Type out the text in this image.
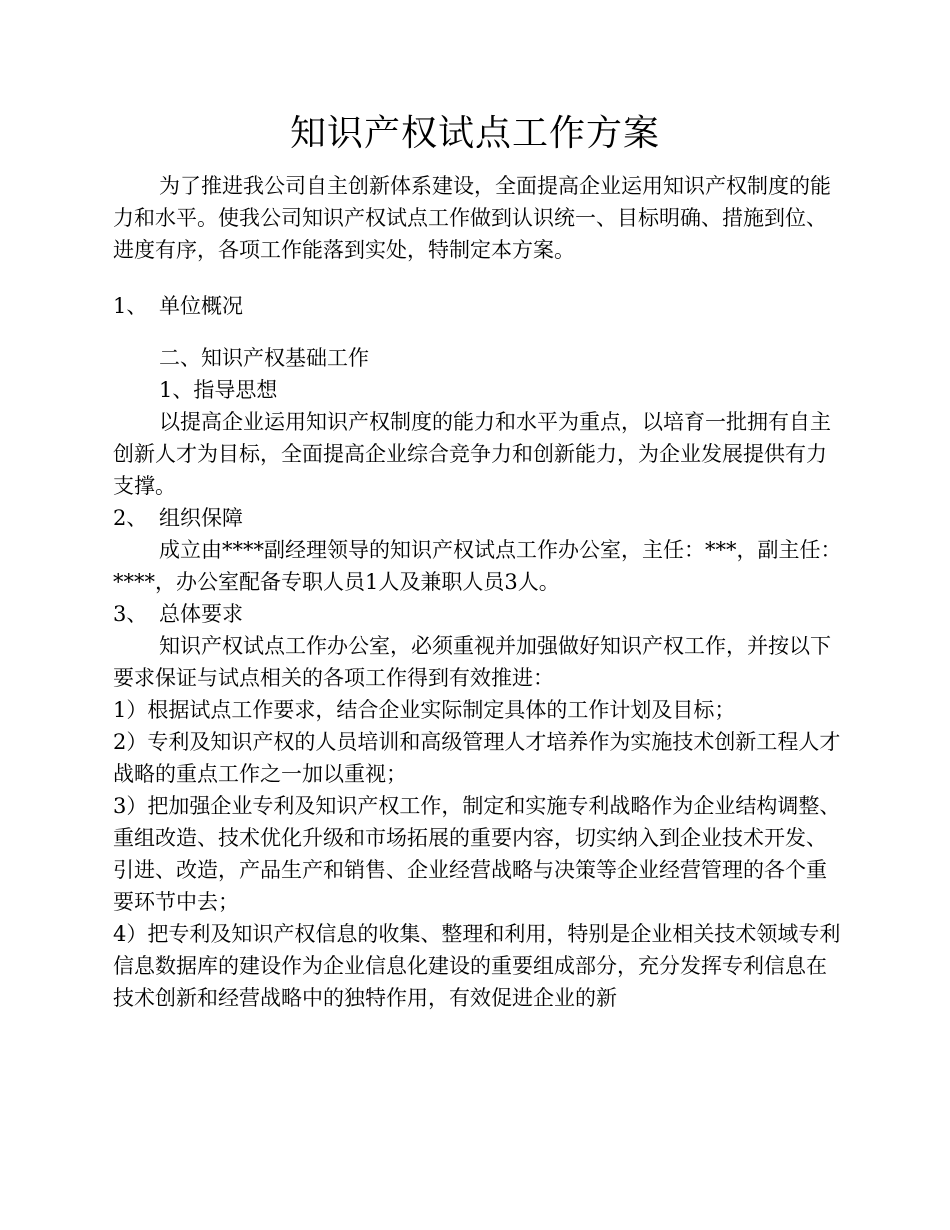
知识产权试点工作方案

为了推进我公司自主创新体系建设，全面提高企业运用知识产权制度的能力和水平。使我公司知识产权试点工作做到认识统一、目标明确、措施到位、进度有序，各项工作能落到实处，特制定本方案。

1、 单位概况

二、知识产权基础工作

1、指导思想

以提高企业运用知识产权制度的能力和水平为重点，以培育一批拥有自主创新人才为目标，全面提高企业综合竞争力和创新能力，为企业发展提供有力支撑。

2、 组织保障

成立由****副经理领导的知识产权试点工作办公室，主任：***，副主任：****，办公室配备专职人员1人及兼职人员3人。

3、 总体要求

知识产权试点工作办公室，必须重视并加强做好知识产权工作，并按以下要求保证与试点相关的各项工作得到有效推进：

1）根据试点工作要求，结合企业实际制定具体的工作计划及目标；

2）专利及知识产权的人员培训和高级管理人才培养作为实施技术创新工程人才战略的重点工作之一加以重视；

3）把加强企业专利及知识产权工作，制定和实施专利战略作为企业结构调整、重组改造、技术优化升级和市场拓展的重要内容，切实纳入到企业技术开发、引进、改造，产品生产和销售、企业经营战略与决策等企业经营管理的各个重要环节中去；

4）把专利及知识产权信息的收集、整理和利用，特别是企业相关技术领域专利信息数据库的建设作为企业信息化建设的重要组成部分，充分发挥专利信息在技术创新和经营战略中的独特作用，有效促进企业的新
